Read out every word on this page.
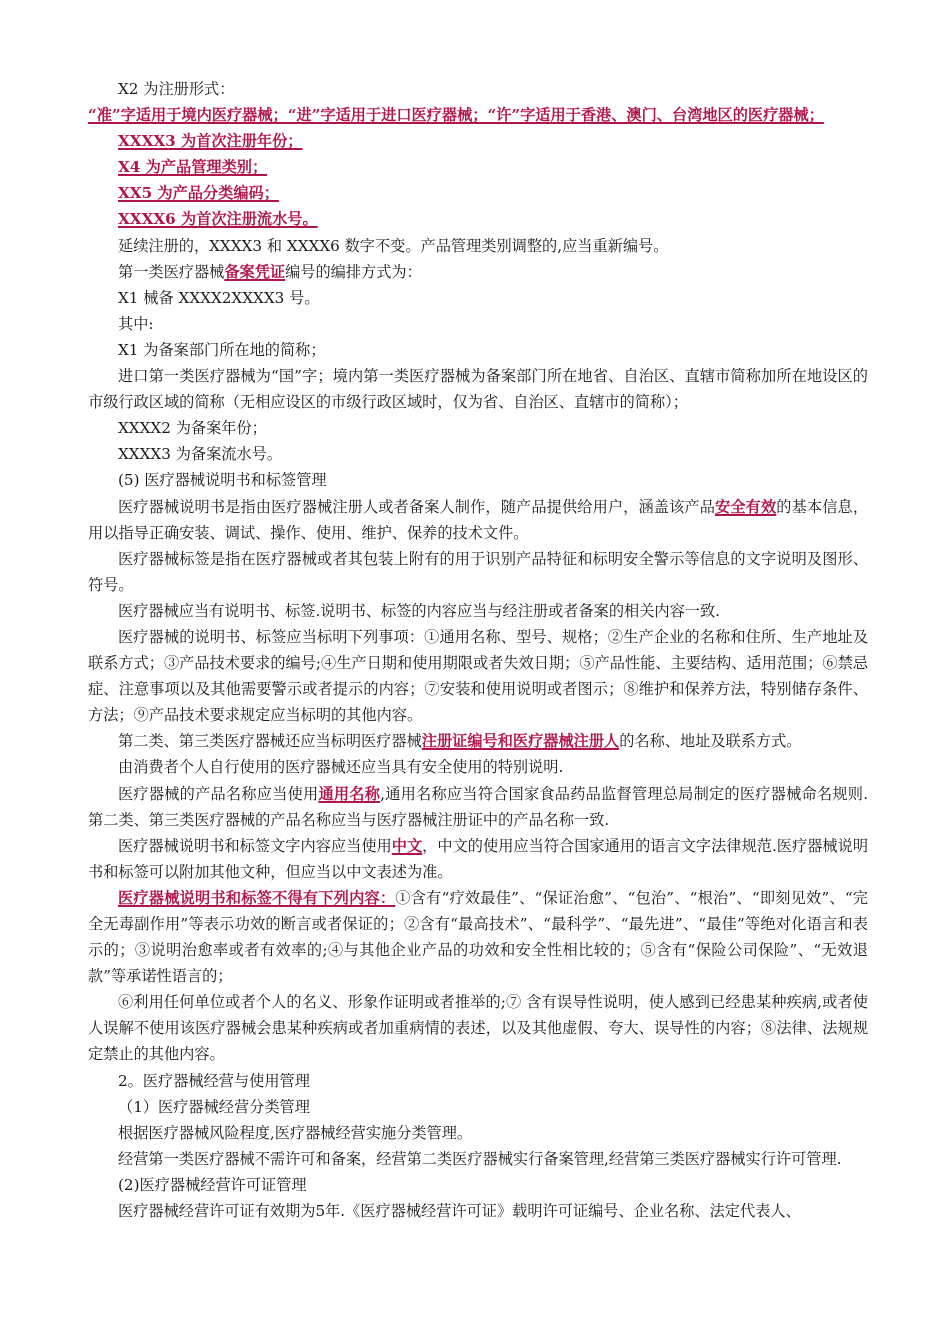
X2 为注册形式：

“准”字适用于境内医疗器械；“进”字适用于进口医疗器械；“许”字适用于香港、澳门、台湾地区的医疗器械；

XXXX3 为首次注册年份；

X4 为产品管理类别；

XX5 为产品分类编码；

XXXX6 为首次注册流水号。

延续注册的，XXXX3 和 XXXX6 数字不变。产品管理类别调整的,应当重新编号。

第一类医疗器械备案凭证编号的编排方式为：

X1 械备 XXXX2XXXX3 号。

其中:

X1 为备案部门所在地的简称；

进口第一类医疗器械为“国”字；境内第一类医疗器械为备案部门所在地省、自治区、直辖市简称加所在地设区的市级行政区域的简称（无相应设区的市级行政区域时，仅为省、自治区、直辖市的简称）；

XXXX2 为备案年份；

XXXX3 为备案流水号。

(5) 医疗器械说明书和标签管理

医疗器械说明书是指由医疗器械注册人或者备案人制作，随产品提供给用户，涵盖该产品安全有效的基本信息，用以指导正确安装、调试、操作、使用、维护、保养的技术文件。

医疗器械标签是指在医疗器械或者其包装上附有的用于识别产品特征和标明安全警示等信息的文字说明及图形、符号。

医疗器械应当有说明书、标签.说明书、标签的内容应当与经注册或者备案的相关内容一致.

医疗器械的说明书、标签应当标明下列事项：①通用名称、型号、规格；②生产企业的名称和住所、生产地址及联系方式；③产品技术要求的编号;④生产日期和使用期限或者失效日期；⑤产品性能、主要结构、适用范围；⑥禁忌症、注意事项以及其他需要警示或者提示的内容；⑦安装和使用说明或者图示；⑧维护和保养方法，特别储存条件、方法；⑨产品技术要求规定应当标明的其他内容。

第二类、第三类医疗器械还应当标明医疗器械注册证编号和医疗器械注册人的名称、地址及联系方式。

由消费者个人自行使用的医疗器械还应当具有安全使用的特别说明.

医疗器械的产品名称应当使用通用名称,通用名称应当符合国家食品药品监督管理总局制定的医疗器械命名规则.第二类、第三类医疗器械的产品名称应当与医疗器械注册证中的产品名称一致.

医疗器械说明书和标签文字内容应当使用中文，中文的使用应当符合国家通用的语言文字法律规范.医疗器械说明书和标签可以附加其他文种，但应当以中文表述为准。

医疗器械说明书和标签不得有下列内容：①含有“疗效最佳”、“保证治愈”、“包治”、“根治”、“即刻见效”、“完全无毒副作用”等表示功效的断言或者保证的；②含有“最高技术”、“最科学”、“最先进”、“最佳”等绝对化语言和表示的；③说明治愈率或者有效率的;④与其他企业产品的功效和安全性相比较的；⑤含有“保险公司保险”、“无效退款”等承诺性语言的；

⑥利用任何单位或者个人的名义、形象作证明或者推举的;⑦ 含有误导性说明，使人感到已经患某种疾病,或者使人误解不使用该医疗器械会患某种疾病或者加重病情的表述，以及其他虚假、夸大、误导性的内容；⑧法律、法规规定禁止的其他内容。

2。医疗器械经营与使用管理

（1）医疗器械经营分类管理

根据医疗器械风险程度,医疗器械经营实施分类管理。

经营第一类医疗器械不需许可和备案，经营第二类医疗器械实行备案管理,经营第三类医疗器械实行许可管理.

(2)医疗器械经营许可证管理

医疗器械经营许可证有效期为5年.《医疗器械经营许可证》载明许可证编号、企业名称、法定代表人、
